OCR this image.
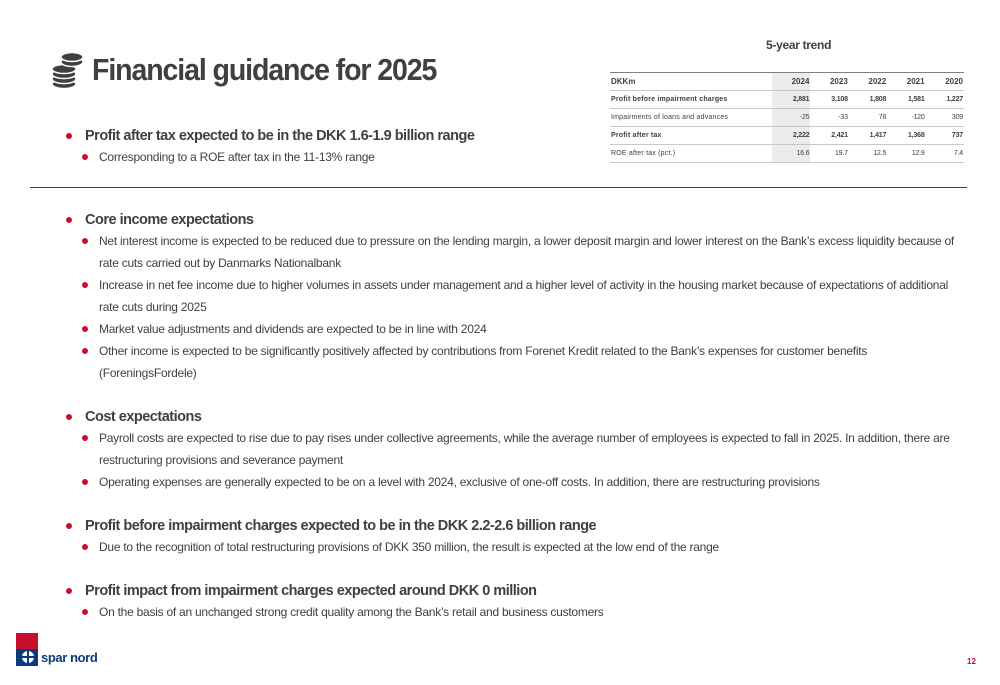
Financial guidance for 2025
5-year trend
DKKm	2024	2023	2022	2021	2020
Profit before impairment charges	2,881	3,108	1,808	1,581	1,227
Impairments of loans and advances	-25	-33	78	-120	309
Profit after tax	2,222	2,421	1,417	1,368	737
ROE after tax (pct.)	16.6	19.7	12.5	12.9	7.4
Profit after tax expected to be in the DKK 1.6-1.9 billion range
Corresponding to a ROE after tax in the 11-13% range
Core income expectations
Net interest income is expected to be reduced due to pressure on the lending margin, a lower deposit margin and lower interest on the Bank’s excess liquidity because of rate cuts carried out by Danmarks Nationalbank
Increase in net fee income due to higher volumes in assets under management and a higher level of activity in the housing market because of expectations of additional rate cuts during 2025
Market value adjustments and dividends are expected to be in line with 2024
Other income is expected to be significantly positively affected by contributions from Forenet Kredit related to the Bank’s expenses for customer benefits (ForeningsFordele)
Cost expectations
Payroll costs are expected to rise due to pay rises under collective agreements, while the average number of employees is expected to fall in 2025. In addition, there are restructuring provisions and severance payment
Operating expenses are generally expected to be on a level with 2024, exclusive of one-off costs. In addition, there are restructuring provisions
Profit before impairment charges expected to be in the DKK 2.2-2.6 billion range
Due to the recognition of total restructuring provisions of DKK 350 million, the result is expected at the low end of the range
Profit impact from impairment charges expected around DKK 0 million
On the basis of an unchanged strong credit quality among the Bank’s retail and business customers
spar nord	12
